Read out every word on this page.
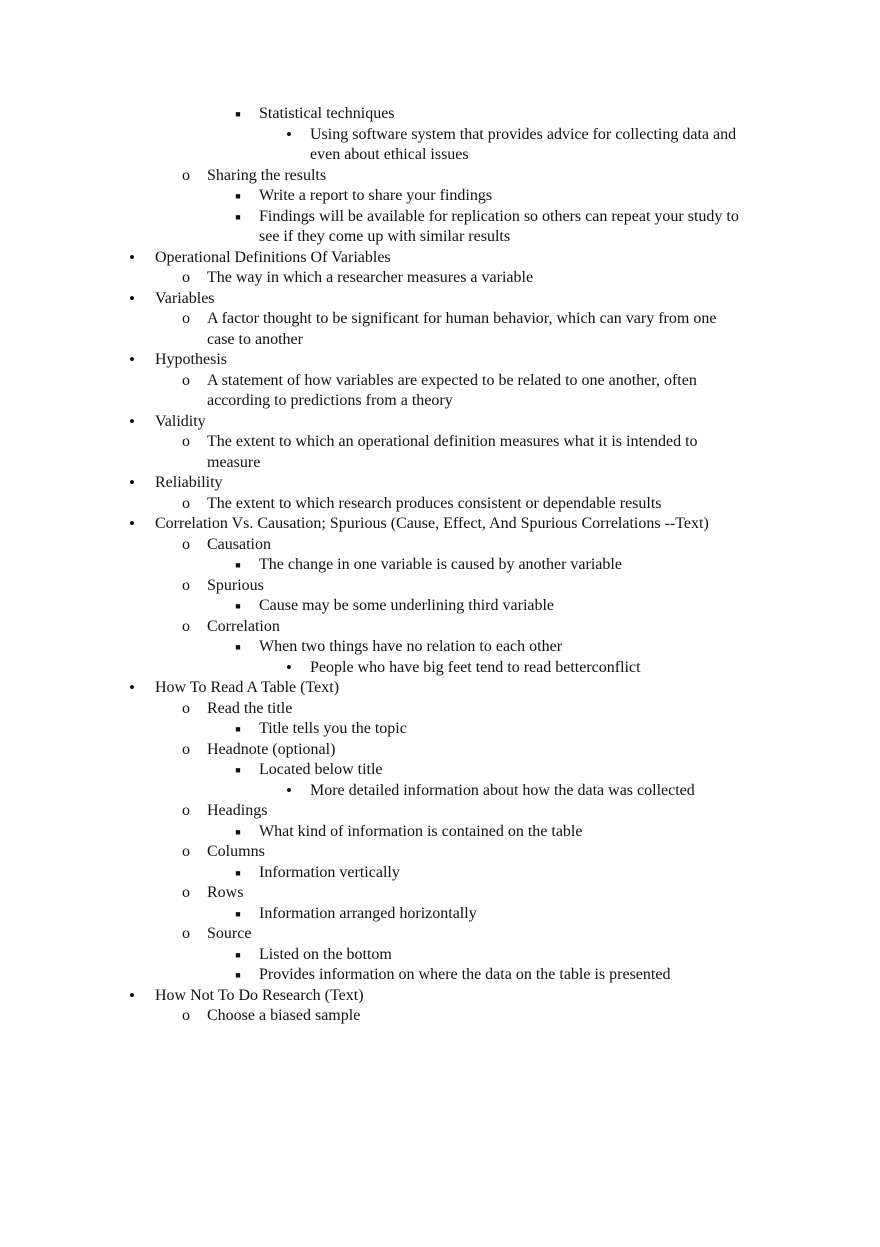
■	Statistical techniques
•	Using software system that provides advice for collecting data and
even about ethical issues
o	Sharing the results
■	Write a report to share your findings
■	Findings will be available for replication so others can repeat your study to
see if they come up with similar results
•	Operational Definitions Of Variables
o	The way in which a researcher measures a variable
•	Variables
o	A factor thought to be significant for human behavior, which can vary from one
case to another
•	Hypothesis
o	A statement of how variables are expected to be related to one another, often
according to predictions from a theory
•	Validity
o	The extent to which an operational definition measures what it is intended to
measure
•	Reliability
o	The extent to which research produces consistent or dependable results
•	Correlation Vs. Causation; Spurious (Cause, Effect, And Spurious Correlations --Text)
o	Causation
■	The change in one variable is caused by another variable
o	Spurious
■	Cause may be some underlining third variable
o	Correlation
■	When two things have no relation to each other
•	People who have big feet tend to read betterconflict
•	How To Read A Table (Text)
o	Read the title
■	Title tells you the topic
o	Headnote (optional)
■	Located below title
•	More detailed information about how the data was collected
o	Headings
■	What kind of information is contained on the table
o	Columns
■	Information vertically
o	Rows
■	Information arranged horizontally
o	Source
■	Listed on the bottom
■	Provides information on where the data on the table is presented
•	How Not To Do Research (Text)
o	Choose a biased sample
